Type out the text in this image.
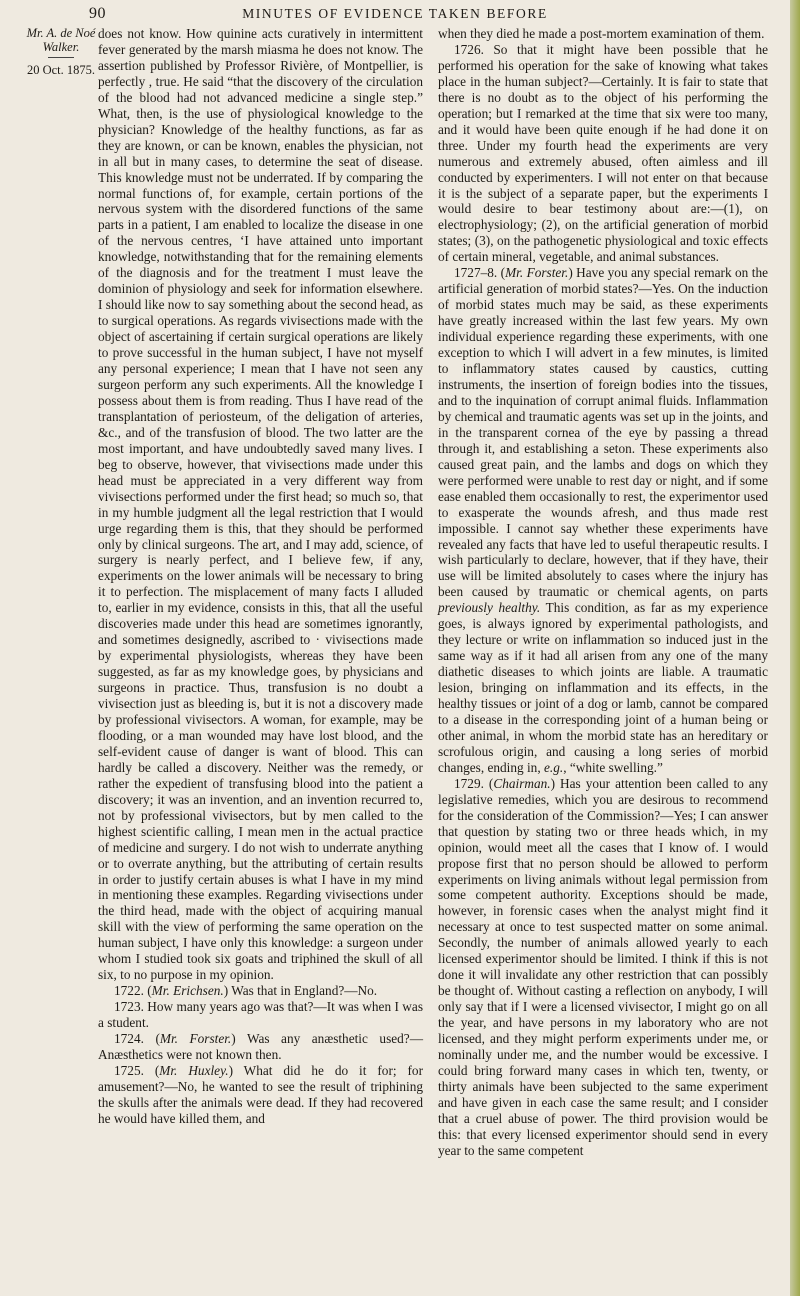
90	MINUTES OF EVIDENCE TAKEN BEFORE
Mr. A. de Noé Walker.
20 Oct. 1875.

does not know. How quinine acts curatively in intermittent fever generated by the marsh miasma he does not know. The assertion published by Professor Rivière, of Montpellier, is perfectly , true. He said “that the discovery of the circulation of the blood had not advanced medicine a single step.” What, then, is the use of physiological knowledge to the physician? Knowledge of the healthy functions, as far as they are known, or can be known, enables the physician, not in all but in many cases, to determine the seat of disease. This knowledge must not be underrated. If by comparing the normal functions of, for example, certain portions of the nervous system with the disordered functions of the same parts in a patient, I am enabled to localize the disease in one of the nervous centres, ‘I have attained unto important knowledge, notwithstanding that for the remaining elements of the diagnosis and for the treatment I must leave the dominion of physiology and seek for information elsewhere. I should like now to say something about the second head, as to surgical operations. As regards vivisections made with the object of ascertaining if certain surgical operations are likely to prove successful in the human subject, I have not myself any personal experience; I mean that I have not seen any surgeon perform any such experiments. All the knowledge I possess about them is from reading. Thus I have read of the transplantation of periosteum, of the deligation of arteries, &c., and of the transfusion of blood. The two latter are the most important, and have undoubtedly saved many lives. I beg to observe, however, that vivisections made under this head must be appreciated in a very different way from vivisections performed under the first head; so much so, that in my humble judgment all the legal restriction that I would urge regarding them is this, that they should be performed only by clinical surgeons. The art, and I may add, science, of surgery is nearly perfect, and I believe few, if any, experiments on the lower animals will be necessary to bring it to perfection. The misplacement of many facts I alluded to, earlier in my evidence, consists in this, that all the useful discoveries made under this head are sometimes ignorantly, and sometimes designedly, ascribed to · vivisections made by experimental physiologists, whereas they have been suggested, as far as my knowledge goes, by physicians and surgeons in practice. Thus, transfusion is no doubt a vivisection just as bleeding is, but it is not a discovery made by professional vivisectors. A woman, for example, may be flooding, or a man wounded may have lost blood, and the self-evident cause of danger is want of blood. This can hardly be called a discovery. Neither was the remedy, or rather the expedient of transfusing blood into the patient a discovery; it was an invention, and an invention recurred to, not by professional vivisectors, but by men called to the highest scientific calling, I mean men in the actual practice of medicine and surgery. I do not wish to underrate anything or to overrate anything, but the attributing of certain results in order to justify certain abuses is what I have in my mind in mentioning these examples. Regarding vivisections under the third head, made with the object of acquiring manual skill with the view of performing the same operation on the human subject, I have only this knowledge: a surgeon under whom I studied took six goats and triphined the skull of all six, to no purpose in my opinion.

1722. (Mr. Erichsen.) Was that in England?—No.

1723. How many years ago was that?—It was when I was a student.

1724. (Mr. Forster.) Was any anæsthetic used?—Anæsthetics were not known then.

1725. (Mr. Huxley.) What did he do it for; for amusement?—No, he wanted to see the result of triphining the skulls after the animals were dead. If they had recovered he would have killed them, and

when they died he made a post-mortem examination of them.

1726. So that it might have been possible that he performed his operation for the sake of knowing what takes place in the human subject?—Certainly. It is fair to state that there is no doubt as to the object of his performing the operation; but I remarked at the time that six were too many, and it would have been quite enough if he had done it on three. Under my fourth head the experiments are very numerous and extremely abused, often aimless and ill conducted by experimenters. I will not enter on that because it is the subject of a separate paper, but the experiments I would desire to bear testimony about are:—(1), on electrophysiology; (2), on the artificial generation of morbid states; (3), on the pathogenetic physiological and toxic effects of certain mineral, vegetable, and animal substances.

1727–8. (Mr. Forster.) Have you any special remark on the artificial generation of morbid states?—Yes. On the induction of morbid states much may be said, as these experiments have greatly increased within the last few years. My own individual experience regarding these experiments, with one exception to which I will advert in a few minutes, is limited to inflammatory states caused by caustics, cutting instruments, the insertion of foreign bodies into the tissues, and to the inquination of corrupt animal fluids. Inflammation by chemical and traumatic agents was set up in the joints, and in the transparent cornea of the eye by passing a thread through it, and establishing a seton. These experiments also caused great pain, and the lambs and dogs on which they were performed were unable to rest day or night, and if some ease enabled them occasionally to rest, the experimentor used to exasperate the wounds afresh, and thus made rest impossible. I cannot say whether these experiments have revealed any facts that have led to useful therapeutic results. I wish particularly to declare, however, that if they have, their use will be limited absolutely to cases where the injury has been caused by traumatic or chemical agents, on parts previously healthy. This condition, as far as my experience goes, is always ignored by experimental pathologists, and they lecture or write on inflammation so induced just in the same way as if it had all arisen from any one of the many diathetic diseases to which joints are liable. A traumatic lesion, bringing on inflammation and its effects, in the healthy tissues or joint of a dog or lamb, cannot be compared to a disease in the corresponding joint of a human being or other animal, in whom the morbid state has an hereditary or scrofulous origin, and causing a long series of morbid changes, ending in, e.g., “white swelling.”

1729. (Chairman.) Has your attention been called to any legislative remedies, which you are desirous to recommend for the consideration of the Commission?—Yes; I can answer that question by stating two or three heads which, in my opinion, would meet all the cases that I know of. I would propose first that no person should be allowed to perform experiments on living animals without legal permission from some competent authority. Exceptions should be made, however, in forensic cases when the analyst might find it necessary at once to test suspected matter on some animal. Secondly, the number of animals allowed yearly to each licensed experimentor should be limited. I think if this is not done it will invalidate any other restriction that can possibly be thought of. Without casting a reflection on anybody, I will only say that if I were a licensed vivisector, I might go on all the year, and have persons in my laboratory who are not licensed, and they might perform experiments under me, or nominally under me, and the number would be excessive. I could bring forward many cases in which ten, twenty, or thirty animals have been subjected to the same experiment and have given in each case the same result; and I consider that a cruel abuse of power. The third provision would be this: that every licensed experimentor should send in every year to the same competent
